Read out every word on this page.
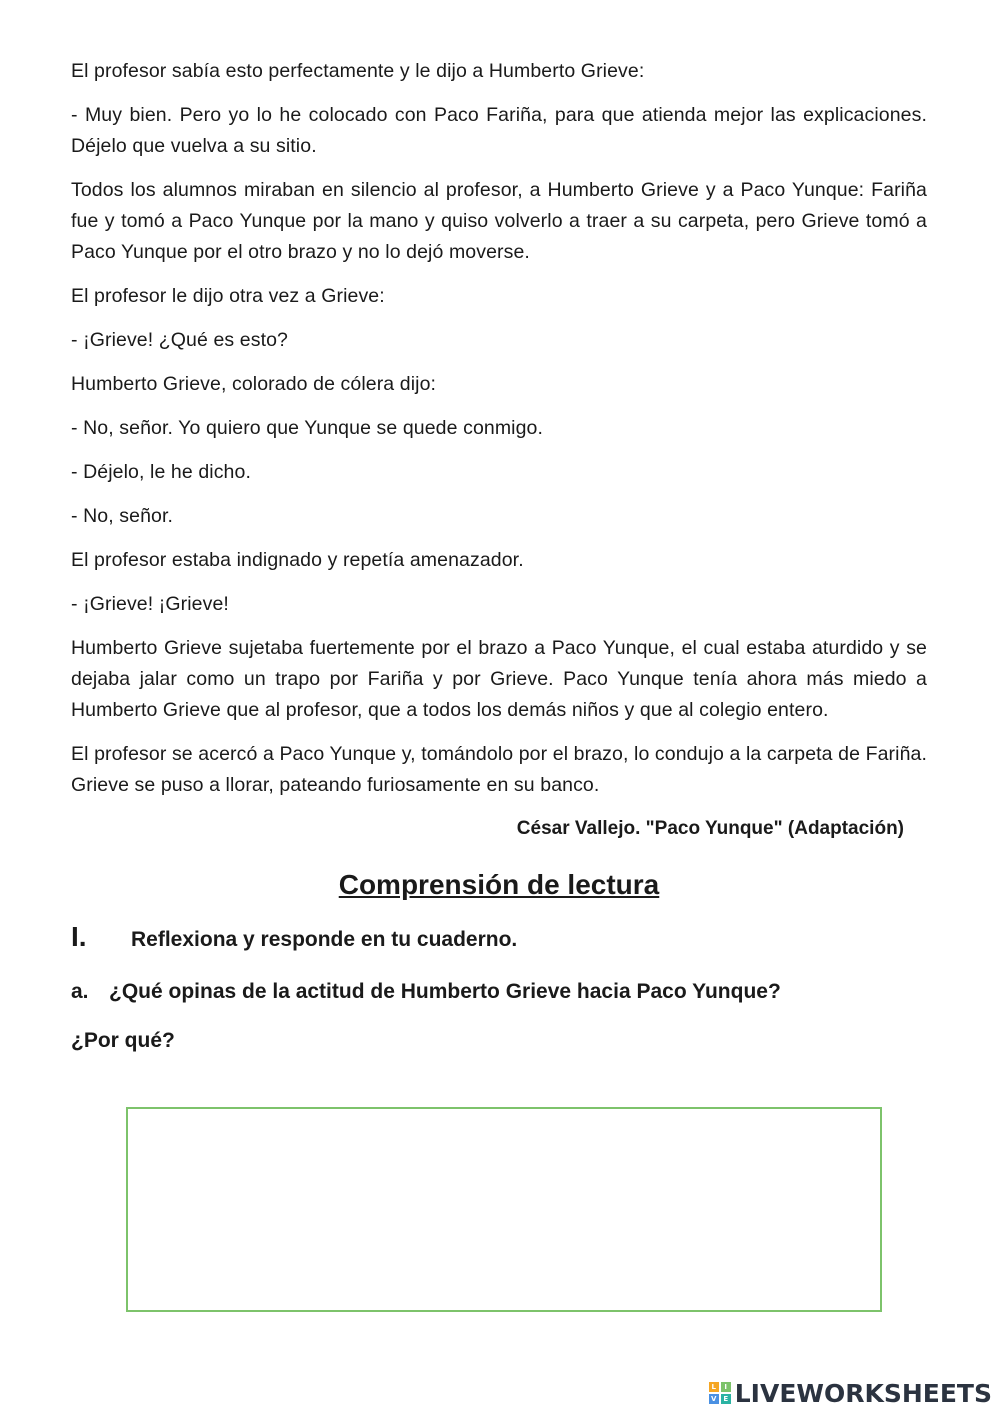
El profesor sabía esto perfectamente y le dijo a Humberto Grieve:

- Muy bien. Pero yo lo he colocado con Paco Fariña, para que atienda mejor las explicaciones. Déjelo que vuelva a su sitio.

Todos los alumnos miraban en silencio al profesor, a Humberto Grieve y a Paco Yunque: Fariña fue y tomó a Paco Yunque por la mano y quiso volverlo a traer a su carpeta, pero Grieve tomó a Paco Yunque por el otro brazo y no lo dejó moverse.

El profesor le dijo otra vez a Grieve:

- ¡Grieve! ¿Qué es esto?

Humberto Grieve, colorado de cólera dijo:

- No, señor. Yo quiero que Yunque se quede conmigo.

- Déjelo, le he dicho.

- No, señor.

El profesor estaba indignado y repetía amenazador.

- ¡Grieve! ¡Grieve!

Humberto Grieve sujetaba fuertemente por el brazo a Paco Yunque, el cual estaba aturdido y se dejaba jalar como un trapo por Fariña y por Grieve. Paco Yunque tenía ahora más miedo a Humberto Grieve que al profesor, que a todos los demás niños y que al colegio entero.

El profesor se acercó a Paco Yunque y, tomándolo por el brazo, lo condujo a la carpeta de Fariña. Grieve se puso a llorar, pateando furiosamente en su banco.

César Vallejo. "Paco Yunque" (Adaptación)
Comprensión de lectura
I.	Reflexiona y responde en tu cuaderno.
a. ¿Qué opinas de la actitud de Humberto Grieve hacia Paco Yunque?
¿Por qué?
L	I
V E LIVEWORKSHEETS
